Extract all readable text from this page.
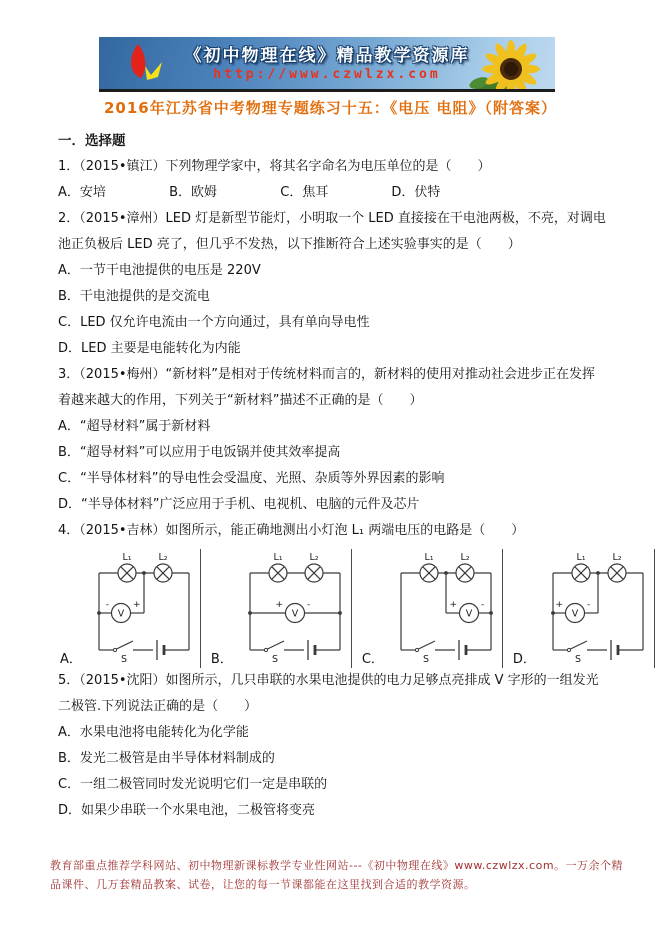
《初中物理在线》精品教学资源库
http://www.czwlzx.com
2016年江苏省中考物理专题练习十五：《电压 电阻》（附答案）

一．选择题

1．（2015•镇江）下列物理学家中，将其名字命名为电压单位的是（　　）

A．安培	B．欧姆	C．焦耳	D．伏特

2．（2015•漳州）LED 灯是新型节能灯，小明取一个 LED 直接接在干电池两极，不亮，对调电池正负极后 LED 亮了，但几乎不发热，以下推断符合上述实验事实的是（　　）

A．一节干电池提供的电压是 220V

B．干电池提供的是交流电

C．LED 仅允许电流由一个方向通过，具有单向导电性

D．LED 主要是电能转化为内能

3．（2015•梅州）“新材料”是相对于传统材料而言的，新材料的使用对推动社会进步正在发挥着越来越大的作用，下列关于“新材料”描述不正确的是（　　）

A．“超导材料”属于新材料

B．“超导材料”可以应用于电饭锅并使其效率提高

C．“半导体材料”的导电性会受温度、光照、杂质等外界因素的影响

D．“半导体材料”广泛应用于手机、电视机、电脑的元件及芯片

4．（2015•吉林）如图所示，能正确地测出小灯泡 L₁ 两端电压的电路是（　　）

A．
L₁	L₂
V
-	+
S	B．
L₁	L₂
V
+	-
S	C．
L₁	L₂
V
+	-
S	D．
L₁	L₂
V
+	-
S

5．（2015•沈阳）如图所示，几只串联的水果电池提供的电力足够点亮排成 V 字形的一组发光二极管.下列说法正确的是（　　）

A．水果电池将电能转化为化学能

B．发光二极管是由半导体材料制成的

C．一组二极管同时发光说明它们一定是串联的

D．如果少串联一个水果电池，二极管将变亮

教育部重点推荐学科网站、初中物理新课标教学专业性网站---《初中物理在线》www.czwlzx.com。一万余个精品课件、几万套精品教案、试卷，让您的每一节课都能在这里找到合适的教学资源。
